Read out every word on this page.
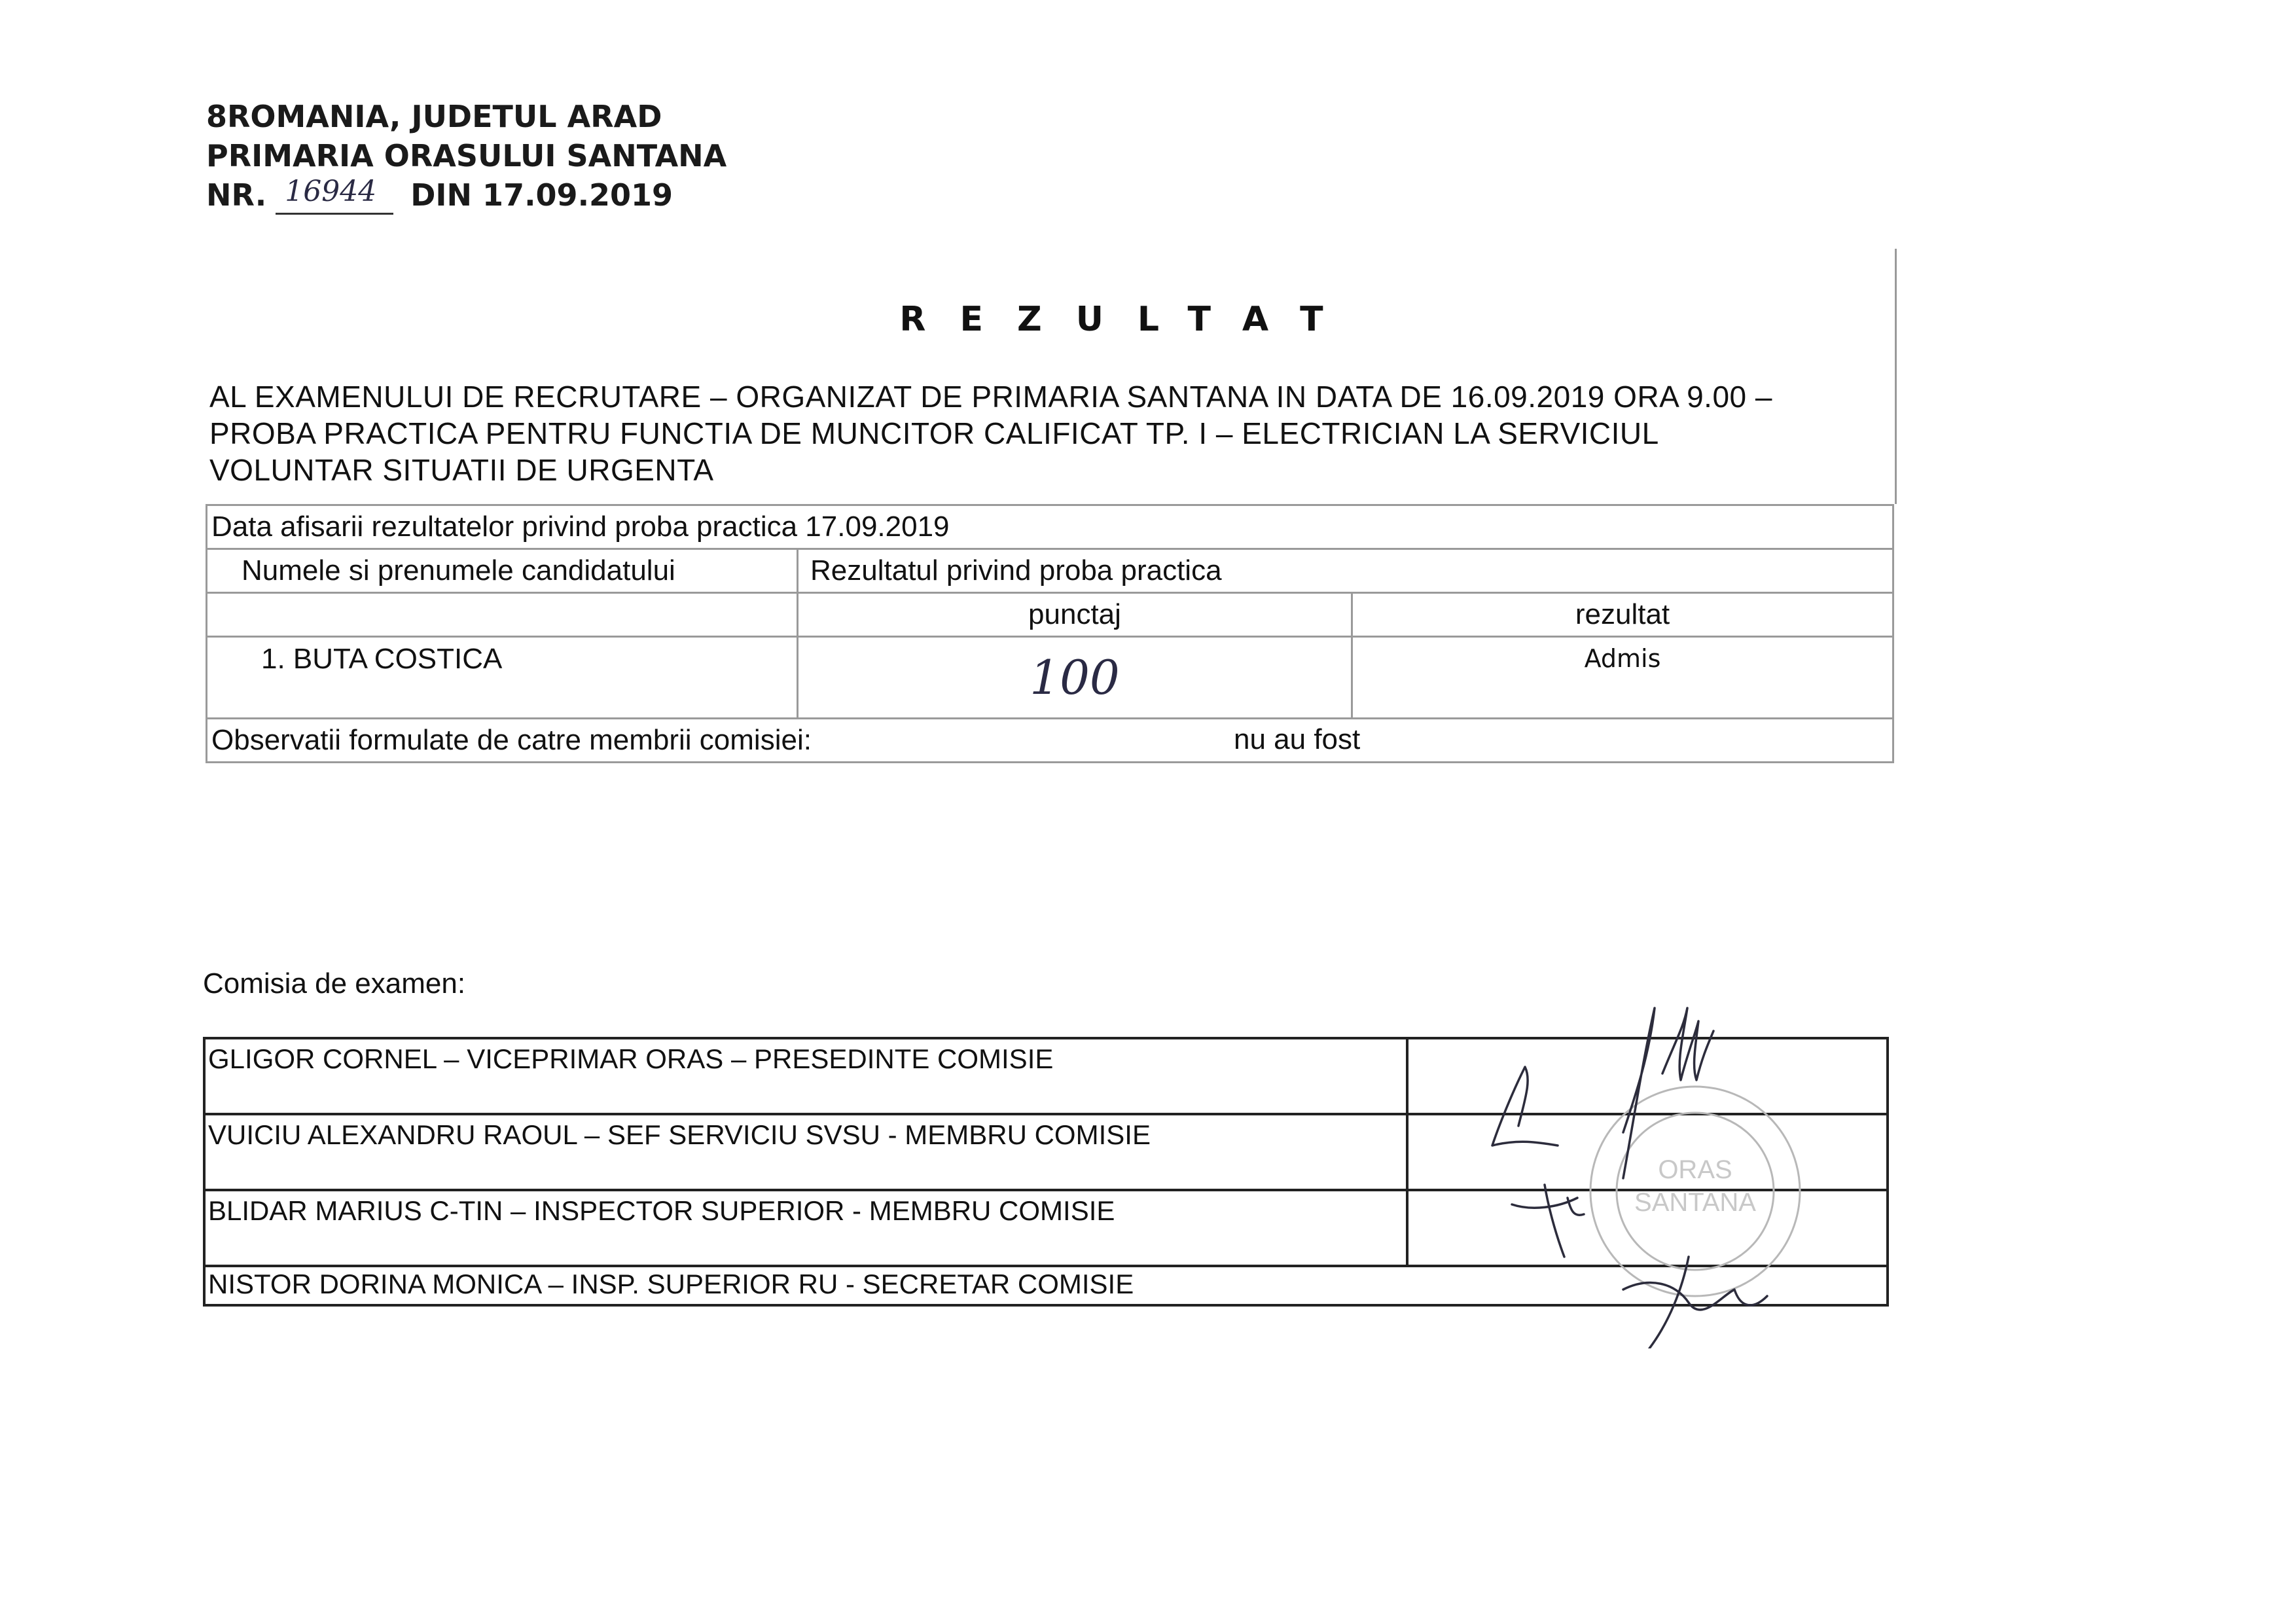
8ROMANIA, JUDETUL ARAD
PRIMARIA ORASULUI SANTANA
NR. 16944 DIN 17.09.2019
REZULTAT
AL EXAMENULUI DE RECRUTARE – ORGANIZAT DE PRIMARIA SANTANA IN DATA DE 16.09.2019 ORA 9.00 –
PROBA PRACTICA PENTRU FUNCTIA DE MUNCITOR CALIFICAT TP. I – ELECTRICIAN LA SERVICIUL
VOLUNTAR SITUATII DE URGENTA
Data afisarii rezultatelor privind proba practica 17.09.2019		
Numele si prenumele candidatului	Rezultatul privind proba practica	
	punctaj	rezultat
1. BUTA COSTICA	100	Admis
Observatii formulate de catre membrii comisiei: nu au fost		
Comisia de examen:
GLIGOR CORNEL – VICEPRIMAR ORAS – PRESEDINTE COMISIE	
VUICIU ALEXANDRU RAOUL – SEF SERVICIU SVSU - MEMBRU COMISIE	
BLIDAR MARIUS C-TIN – INSPECTOR SUPERIOR - MEMBRU COMISIE	
NISTOR DORINA MONICA – INSP. SUPERIOR RU - SECRETAR COMISIE	
ORAS
SANTANA
